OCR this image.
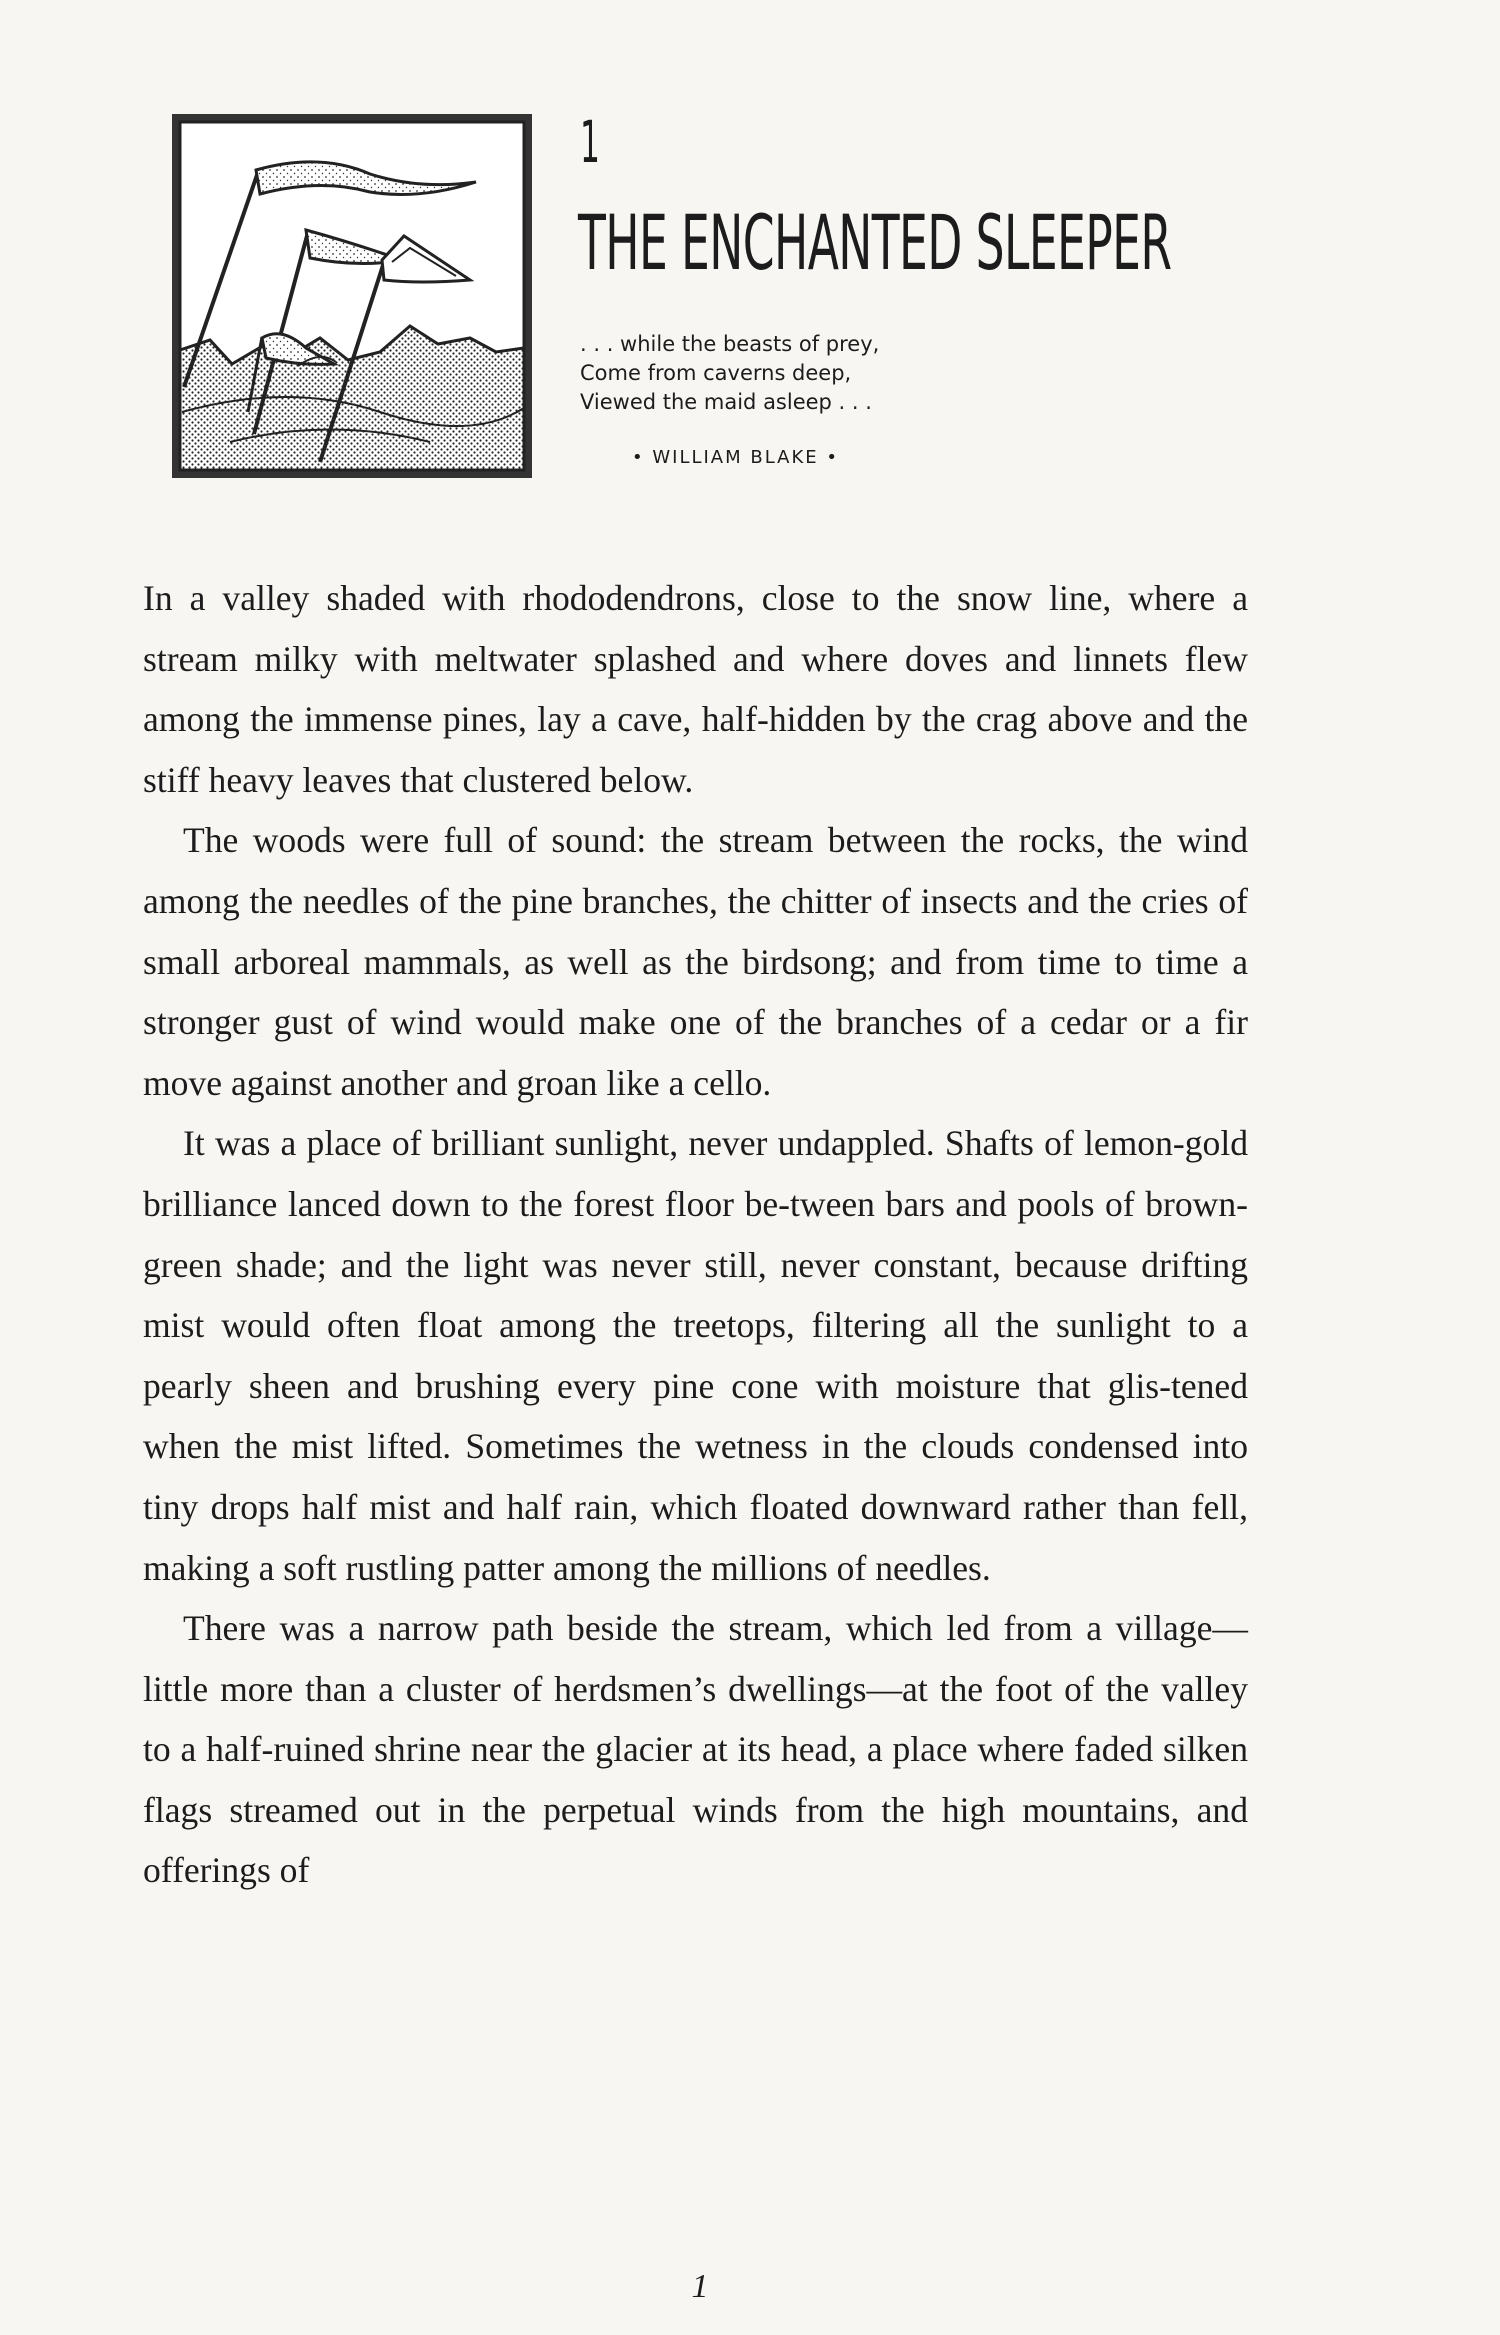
1
THE ENCHANTED SLEEPER
. . . while the beasts of prey,
Come from caverns deep,
Viewed the maid asleep . . .
• WILLIAM BLAKE •

In a valley shaded with rhododendrons, close to the snow line, where a stream milky with meltwater splashed and where doves and linnets flew among the immense pines, lay a cave, half-hidden by the crag above and the stiff heavy leaves that clustered below.

The woods were full of sound: the stream between the rocks, the wind among the needles of the pine branches, the chitter of insects and the cries of small arboreal mammals, as well as the birdsong; and from time to time a stronger gust of wind would make one of the branches of a cedar or a fir move against another and groan like a cello.

It was a place of brilliant sunlight, never undappled. Shafts of lemon-gold brilliance lanced down to the forest floor be-tween bars and pools of brown-green shade; and the light was never still, never constant, because drifting mist would often float among the treetops, filtering all the sunlight to a pearly sheen and brushing every pine cone with moisture that glis-tened when the mist lifted. Sometimes the wetness in the clouds condensed into tiny drops half mist and half rain, which floated downward rather than fell, making a soft rustling patter among the millions of needles.

There was a narrow path beside the stream, which led from a village—little more than a cluster of herdsmen’s dwellings—at the foot of the valley to a half-ruined shrine near the glacier at its head, a place where faded silken flags streamed out in the perpetual winds from the high mountains, and offerings of

1
